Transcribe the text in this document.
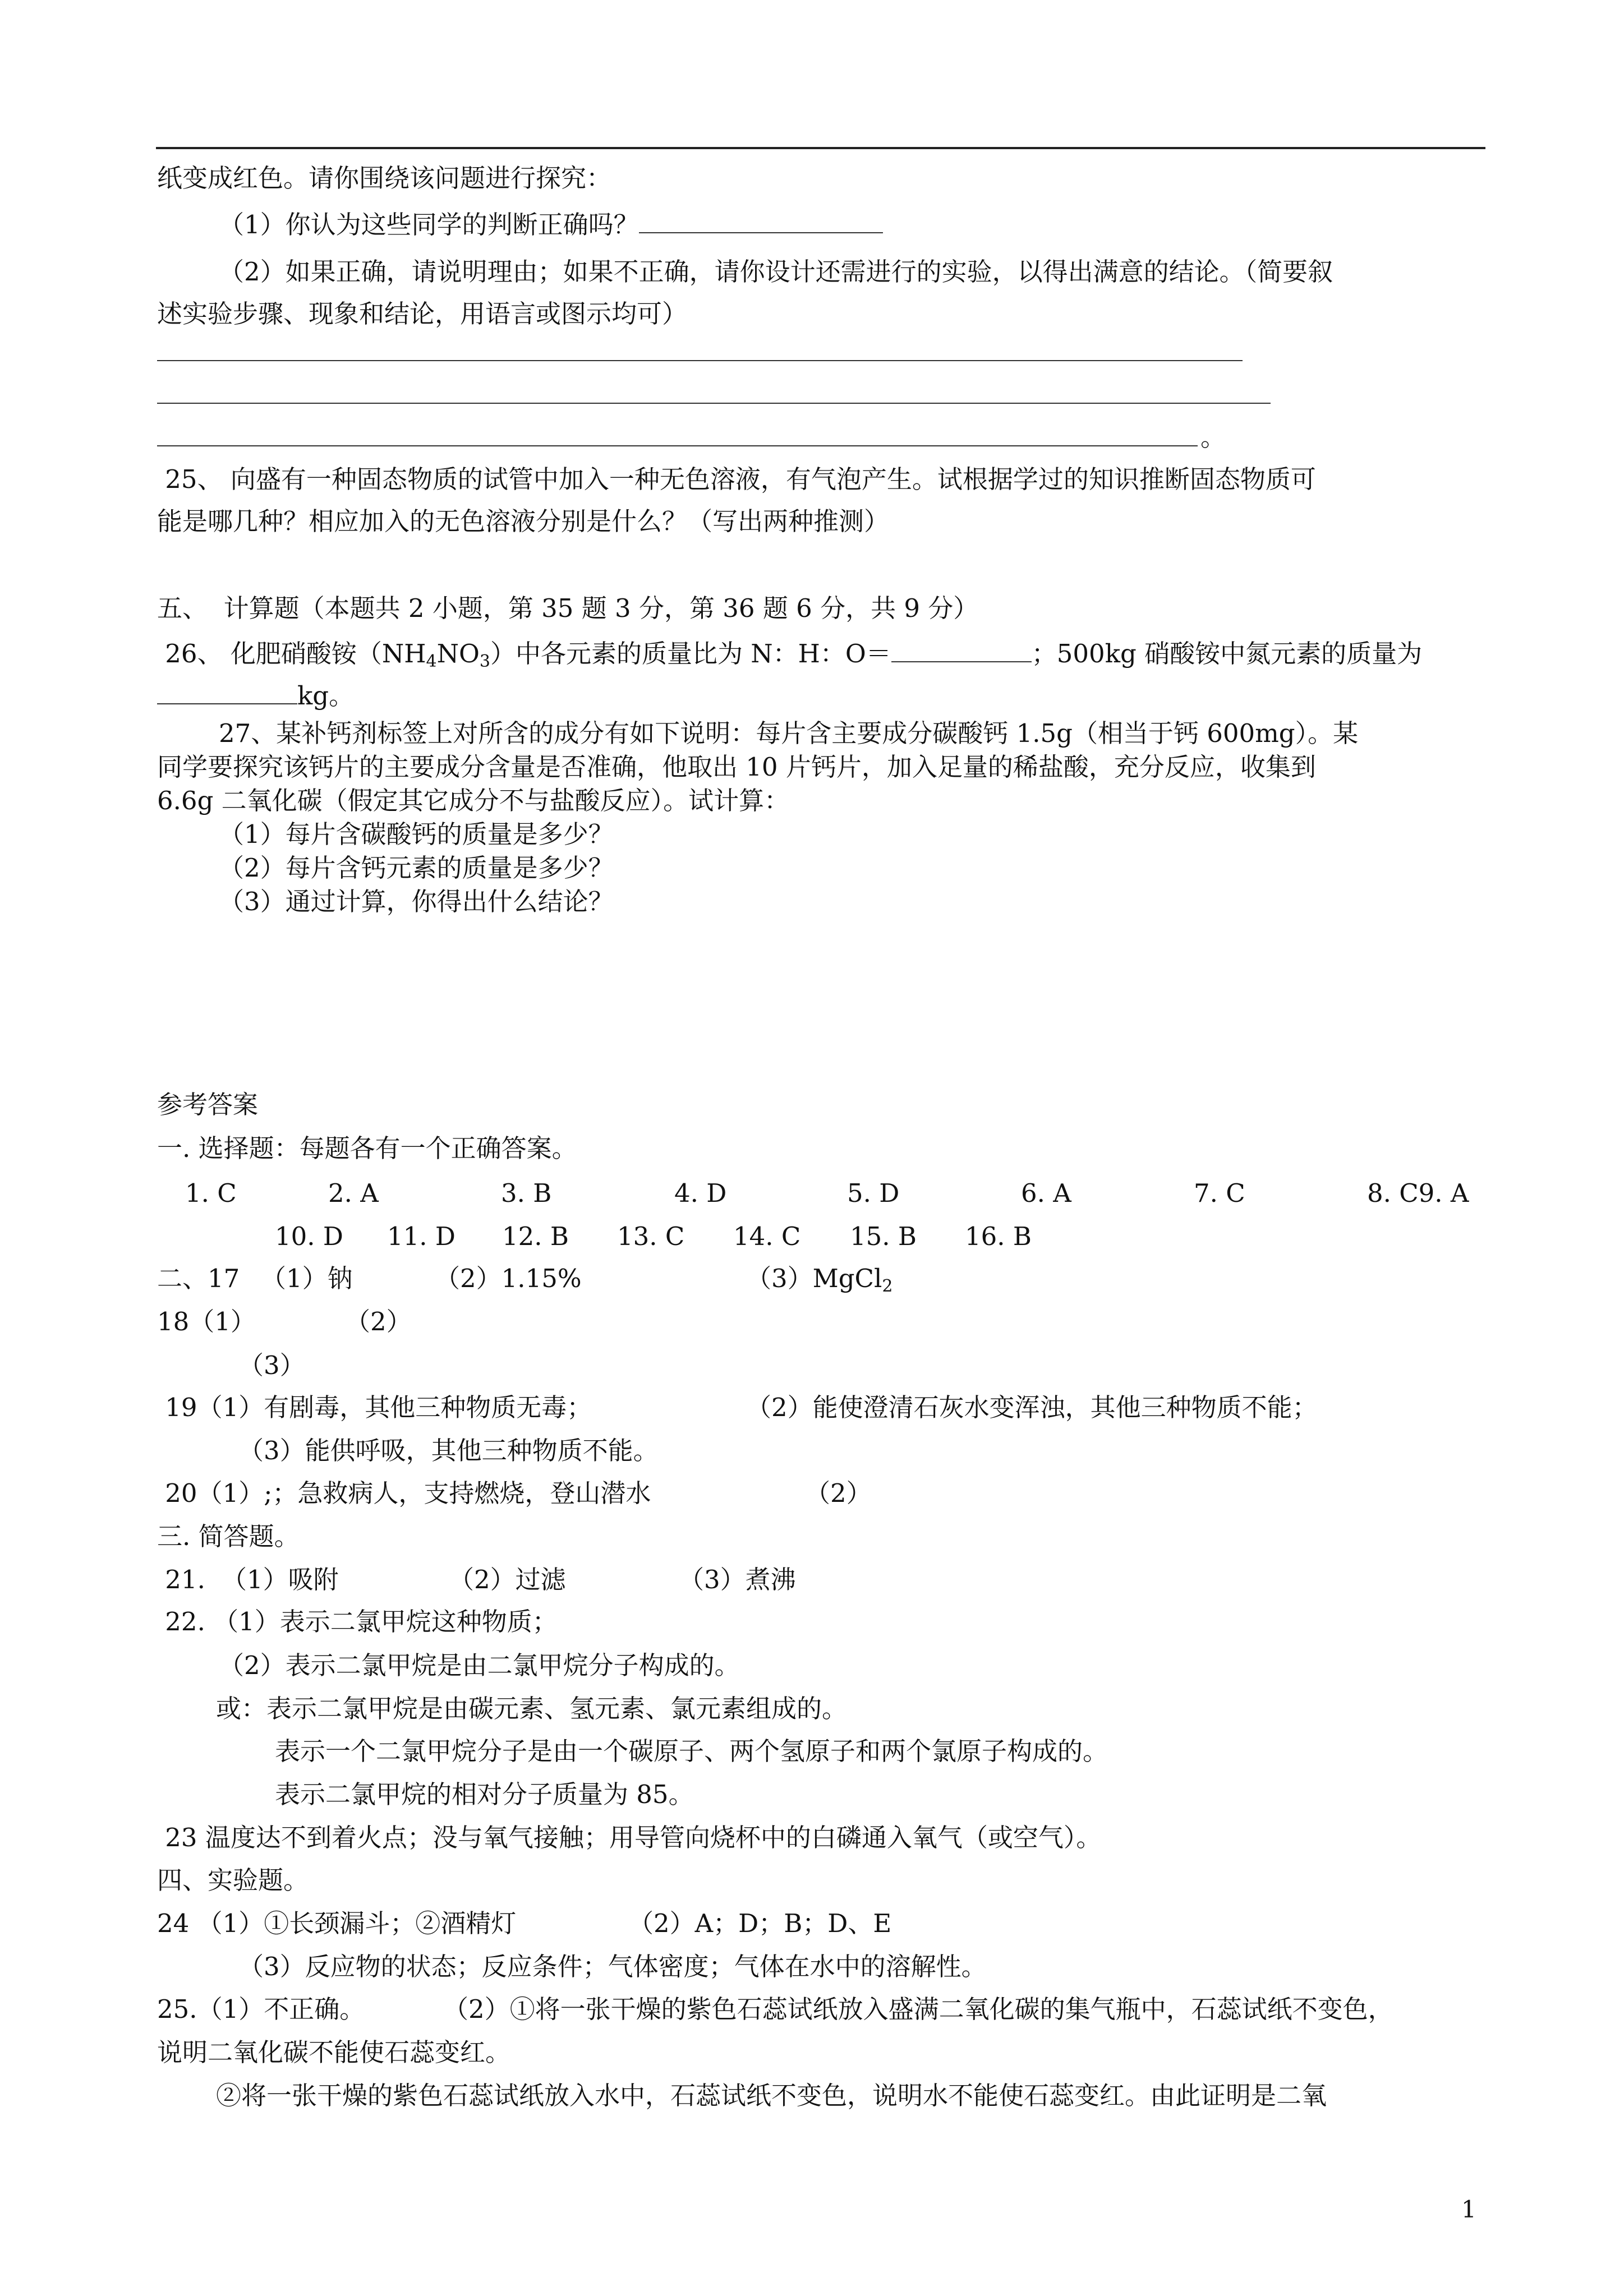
纸变成红色。请你围绕该问题进行探究：
（1）你认为这些同学的判断正确吗？
（2）如果正确，请说明理由；如果不正确，请你设计还需进行的实验，以得出满意的结论。（简要叙
述实验步骤、现象和结论，用语言或图示均可）
。
25、 向盛有一种固态物质的试管中加入一种无色溶液，有气泡产生。试根据学过的知识推断固态物质可
能是哪几种？相应加入的无色溶液分别是什么？（写出两种推测）
五、  计算题（本题共 2 小题，第 35 题 3 分，第 36 题 6 分，共 9 分）
26、 化肥硝酸铵$(NH_4NO_3)$中各元素的质量比为 N：H：O＝	；500kg 硝酸铵中氮元素的质量为
kg。
27、某补钙剂标签上对所含的成分有如下说明：每片含主要成分碳酸钙 1.5g（相当于钙 600mg）。某
同学要探究该钙片的主要成分含量是否准确，他取出 10 片钙片，加入足量的稀盐酸，充分反应，收集到
6.6g 二氧化碳（假定其它成分不与盐酸反应）。试计算：
（1）每片含碳酸钙的质量是多少？
（2）每片含钙元素的质量是多少？
（3）通过计算，你得出什么结论？
参考答案
一. 选择题：每题各有一个正确答案。
1. C	2. A	3. B	4. D	5. D	6. A	7. C	8. C9. A
10. D 11. D 12. B 13. C 14. C 15. B 16. B
二、17 （1）钠	（2）1.15%	（3）MgCl$_2$
18（1）	（2）
（3）
19（1）有剧毒，其他三种物质无毒；	（2）能使澄清石灰水变浑浊，其他三种物质不能；
（3）能供呼吸，其他三种物质不能。
20（1）;；急救病人，支持燃烧，登山潜水	（2）
三. 简答题。
21. （1）吸附	（2）过滤	（3）煮沸
22. （1）表示二氯甲烷这种物质；
（2）表示二氯甲烷是由二氯甲烷分子构成的。
或：表示二氯甲烷是由碳元素、氢元素、氯元素组成的。
表示一个二氯甲烷分子是由一个碳原子、两个氢原子和两个氯原子构成的。
表示二氯甲烷的相对分子质量为 85。
23 温度达不到着火点；没与氧气接触；用导管向烧杯中的白磷通入氧气（或空气）。
四、实验题。
24 （1）①长颈漏斗；②酒精灯	（2）A；D；B；D、E
（3）反应物的状态；反应条件；气体密度；气体在水中的溶解性。
25.（1）不正确。	（2）①将一张干燥的紫色石蕊试纸放入盛满二氧化碳的集气瓶中，石蕊试纸不变色，
说明二氧化碳不能使石蕊变红。
②将一张干燥的紫色石蕊试纸放入水中，石蕊试纸不变色，说明水不能使石蕊变红。由此证明是二氧
1
